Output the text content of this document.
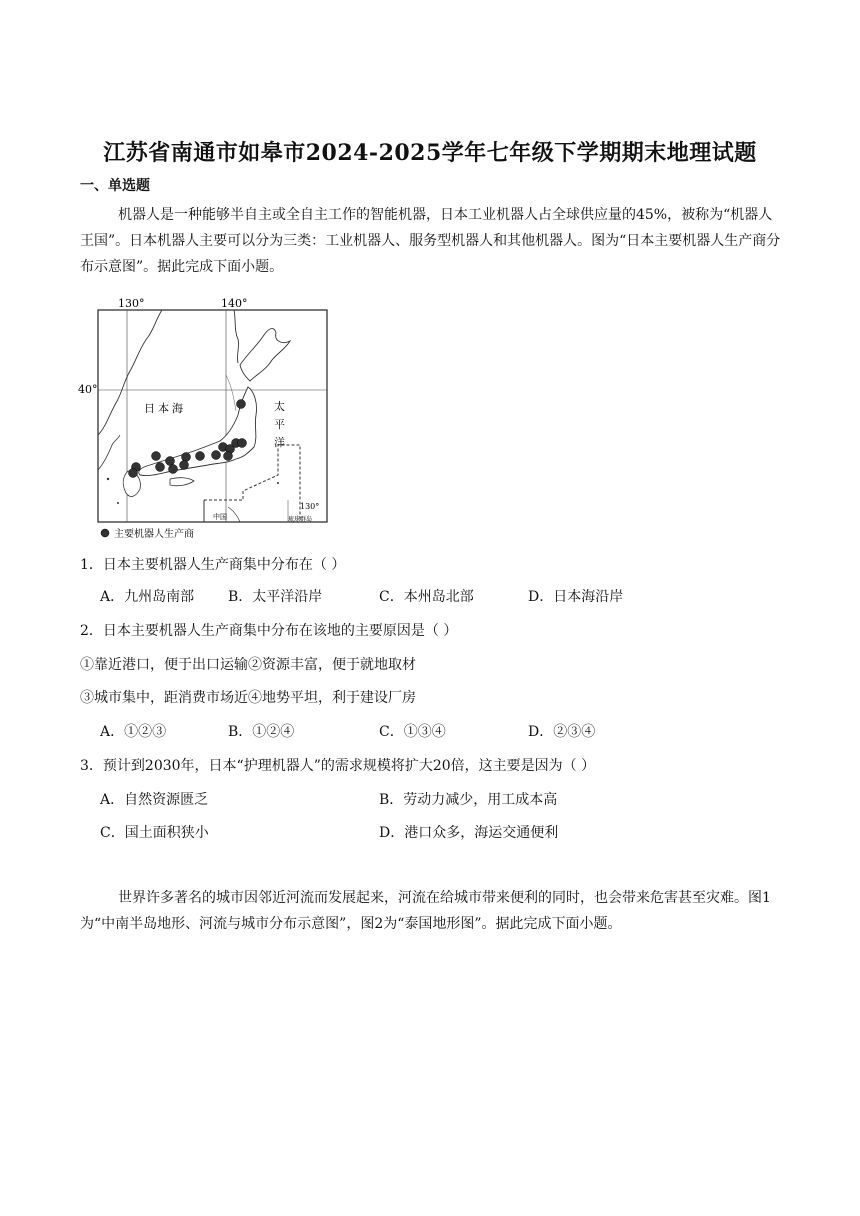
江苏省南通市如皋市2024-2025学年七年级下学期期末地理试题
一、单选题
机器人是一种能够半自主或全自主工作的智能机器，日本工业机器人占全球供应量的45%，被称为“机器人王国”。日本机器人主要可以分为三类：工业机器人、服务型机器人和其他机器人。图为“日本主要机器人生产商分布示意图”。据此完成下面小题。
130°	140°
40°
日本海	太
平
洋
130°
中国	琉球群岛
主要机器人生产商
1．日本主要机器人生产商集中分布在（ ）
A．九州岛南部 B．太平洋沿岸	C．本州岛北部	D．日本海沿岸
2．日本主要机器人生产商集中分布在该地的主要原因是（ ）
①靠近港口，便于出口运输②资源丰富，便于就地取材
③城市集中，距消费市场近④地势平坦，利于建设厂房
A．①②③	B．①②④	C．①③④	D．②③④
3．预计到2030年，日本“护理机器人”的需求规模将扩大20倍，这主要是因为（ ）
A．自然资源匮乏	B．劳动力减少，用工成本高
C．国土面积狭小	D．港口众多，海运交通便利
世界许多著名的城市因邻近河流而发展起来，河流在给城市带来便利的同时，也会带来危害甚至灾难。图1为“中南半岛地形、河流与城市分布示意图”，图2为“泰国地形图”。据此完成下面小题。
